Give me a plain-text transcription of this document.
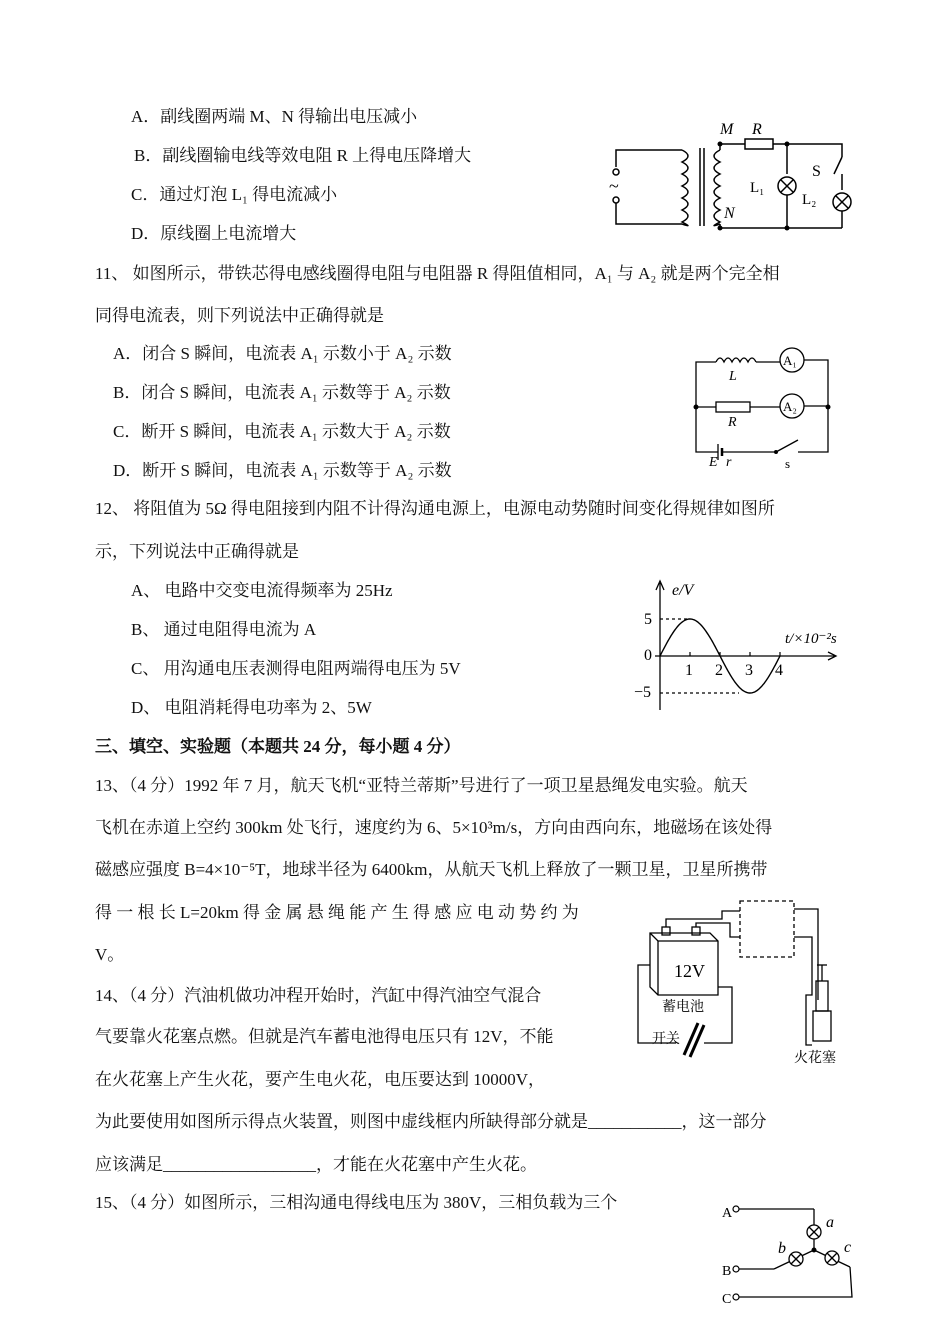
A．副线圈两端 M、N 得输出电压减小
B．副线圈输电线等效电阻 R 上得电压降增大
C．通过灯泡 L₁ 得电流减小
D．原线圈上电流增大
~
M R
N
L₁
L₂
S
11、 如图所示，带铁芯得电感线圈得电阻与电阻器 R 得阻值相同，A₁ 与 A₂ 就是两个完全相
同得电流表，则下列说法中正确得就是
A．闭合 S 瞬间，电流表 A₁ 示数小于 A₂ 示数
B．闭合 S 瞬间，电流表 A₁ 示数等于 A₂ 示数
C．断开 S 瞬间，电流表 A₁ 示数大于 A₂ 示数
D．断开 S 瞬间，电流表 A₁ 示数等于 A₂ 示数
A₁
A₂
L
R
E r	s
12、 将阻值为 5Ω 得电阻接到内阻不计得沟通电源上，电源电动势随时间变化得规律如图所
示，下列说法中正确得就是
A、 电路中交变电流得频率为 25Hz
B、 通过电阻得电流为 A
C、 用沟通电压表测得电阻两端得电压为 5V
D、 电阻消耗得电功率为 2、5W
1 2 3 4
e/V
t/×10⁻²s
5
0
−5
三、填空、实验题（本题共 24 分，每小题 4 分）
13、（4 分）1992 年 7 月，航天飞机“亚特兰蒂斯”号进行了一项卫星悬绳发电实验。航天
飞机在赤道上空约 300km 处飞行，速度约为 6、5×10³m/s，方向由西向东，地磁场在该处得
磁感应强度 B=4×10⁻⁵T，地球半径为 6400km，从航天飞机上释放了一颗卫星，卫星所携带
得 一 根 长 L=20km 得 金 属 悬 绳 能 产 生 得 感 应 电 动 势 约 为
V。
14、（4 分）汽油机做功冲程开始时，汽缸中得汽油空气混合
气要靠火花塞点燃。但就是汽车蓄电池得电压只有 12V，不能
在火花塞上产生火花，要产生电火花，电压要达到 10000V，
为此要使用如图所示得点火装置，则图中虚线框内所缺得部分就是___________，这一部分
应该满足__________________，才能在火花塞中产生火花。
12V
蓄电池
开关
火花塞
15、（4 分）如图所示，三相沟通电得线电压为 380V，三相负载为三个
A
B
C
a
b	c
